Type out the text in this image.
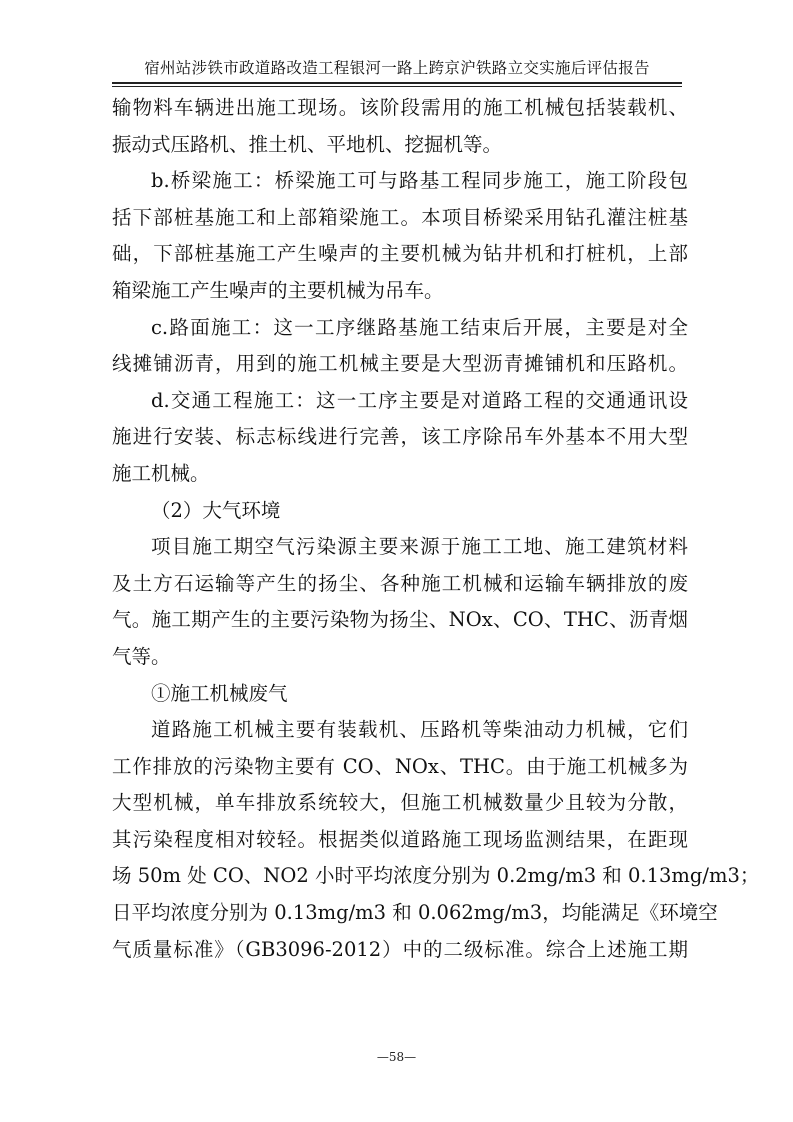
宿州站涉铁市政道路改造工程银河一路上跨京沪铁路立交实施后评估报告
输物料车辆进出施工现场。该阶段需用的施工机械包括装载机、
振动式压路机、推土机、平地机、挖掘机等。
b.桥梁施工：桥梁施工可与路基工程同步施工，施工阶段包
括下部桩基施工和上部箱梁施工。本项目桥梁采用钻孔灌注桩基
础，下部桩基施工产生噪声的主要机械为钻井机和打桩机，上部
箱梁施工产生噪声的主要机械为吊车。
c.路面施工：这一工序继路基施工结束后开展，主要是对全
线摊铺沥青，用到的施工机械主要是大型沥青摊铺机和压路机。
d.交通工程施工：这一工序主要是对道路工程的交通通讯设
施进行安装、标志标线进行完善，该工序除吊车外基本不用大型
施工机械。
（2）大气环境
项目施工期空气污染源主要来源于施工工地、施工建筑材料
及土方石运输等产生的扬尘、各种施工机械和运输车辆排放的废
气。施工期产生的主要污染物为扬尘、NOx、CO、THC、沥青烟
气等。
①施工机械废气
道路施工机械主要有装载机、压路机等柴油动力机械，它们
工作排放的污染物主要有 CO、NOx、THC。由于施工机械多为
大型机械，单车排放系统较大，但施工机械数量少且较为分散，
其污染程度相对较轻。根据类似道路施工现场监测结果，在距现
场 50m 处 CO、NO2 小时平均浓度分别为 0.2mg/m3 和 0.13mg/m3；
日平均浓度分别为 0.13mg/m3 和 0.062mg/m3，均能满足《环境空
气质量标准》（GB3096-2012）中的二级标准。综合上述施工期
—58—
